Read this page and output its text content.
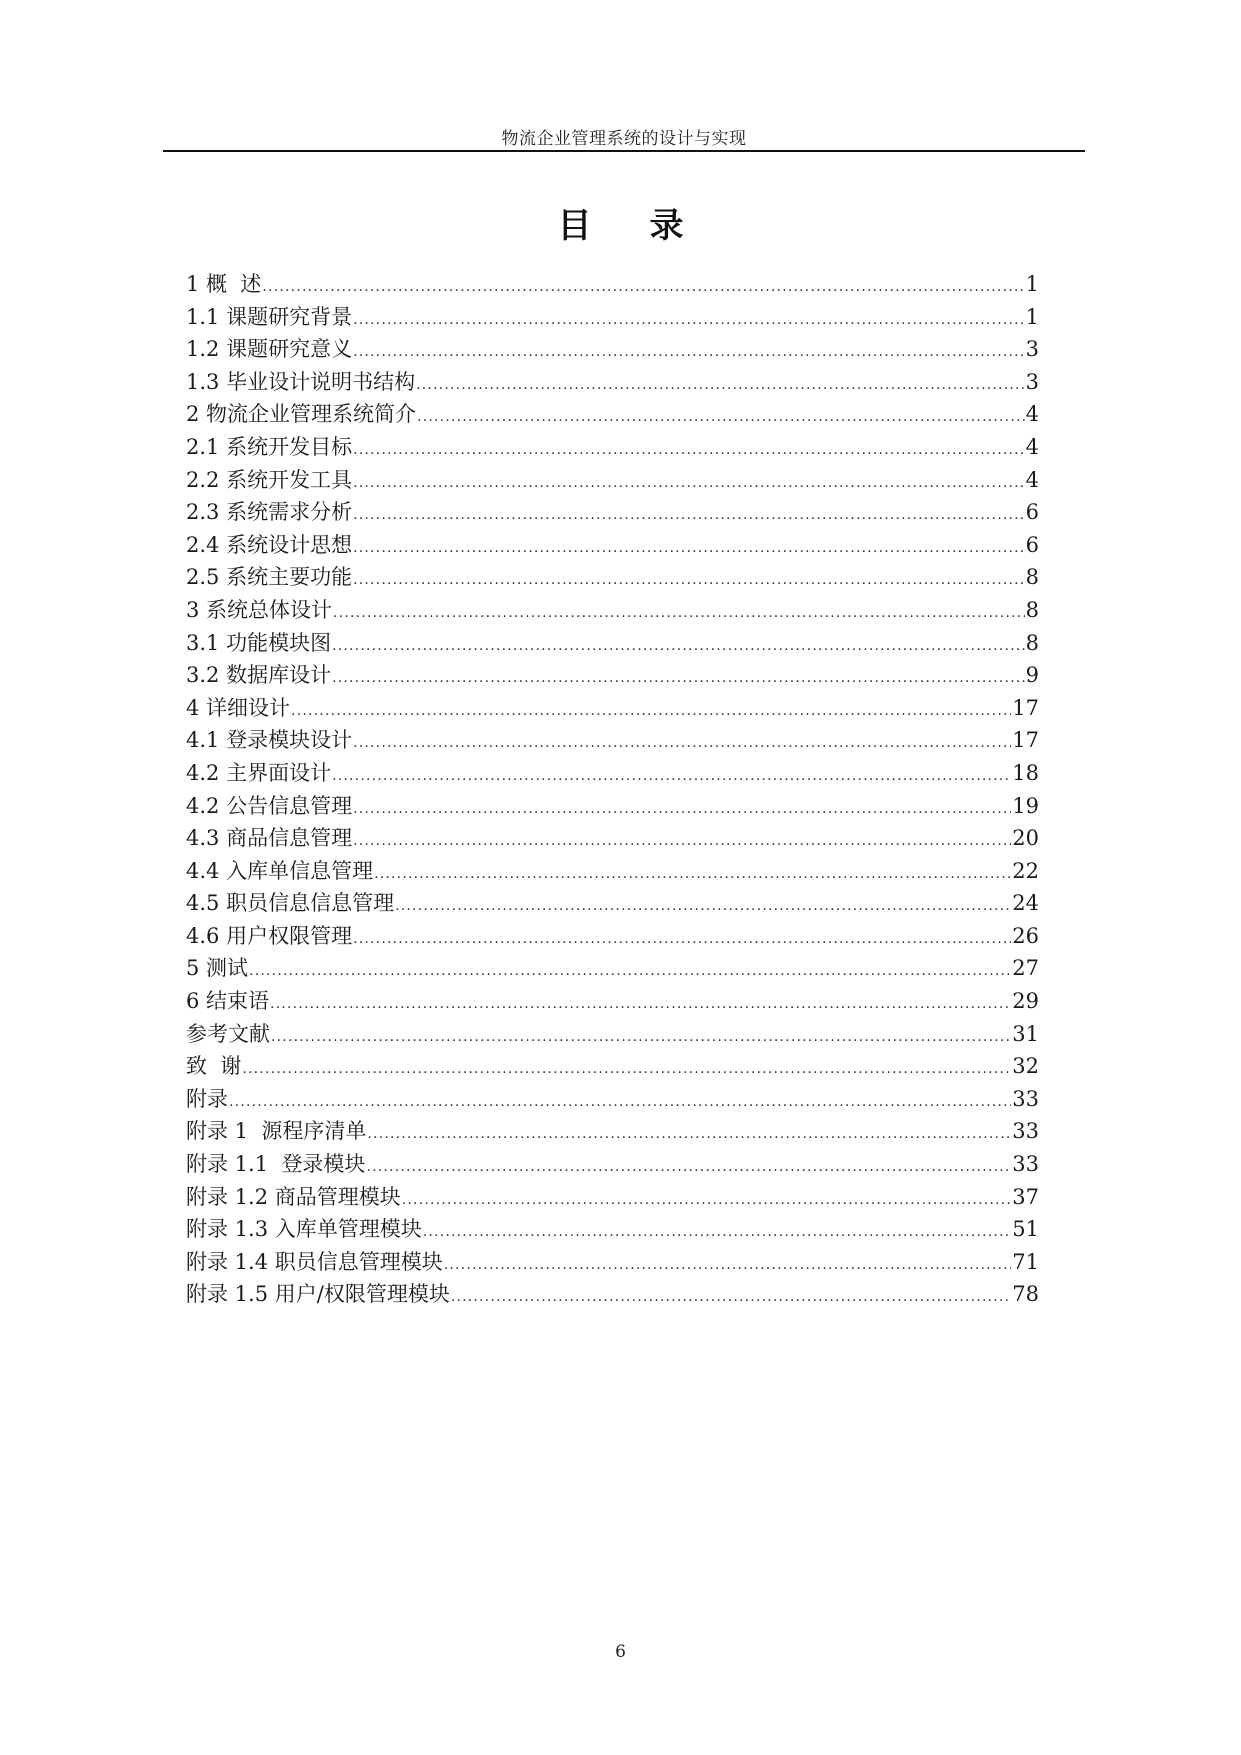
物流企业管理系统的设计与实现
目 录
1 概  述 .....	1
1.1 课题研究背景 .....	1
1.2 课题研究意义 .....	3
1.3 毕业设计说明书结构 .....	3
2 物流企业管理系统简介 .....	4
2.1 系统开发目标 .....	4
2.2 系统开发工具 .....	4
2.3 系统需求分析 .....	6
2.4 系统设计思想 .....	6
2.5 系统主要功能 .....	8
3 系统总体设计 .....	8
3.1 功能模块图 .....	8
3.2 数据库设计 .....	9
4 详细设计 .....	17
4.1 登录模块设计 .....	17
4.2 主界面设计 .....	18
4.2 公告信息管理 .....	19
4.3 商品信息管理 .....	20
4.4 入库单信息管理 .....	22
4.5 职员信息信息管理 .....	24
4.6 用户权限管理 .....	26
5 测试 .....	27
6 结束语 .....	29
参考文献 .....	31
致  谢 .....	32
附录 .....	33
附录 1  源程序清单 .....	33
附录 1.1  登录模块 .....	33
附录 1.2 商品管理模块 .....	37
附录 1.3 入库单管理模块 .....	51
附录 1.4 职员信息管理模块 .....	71
附录 1.5 用户/权限管理模块 .....	78
6
